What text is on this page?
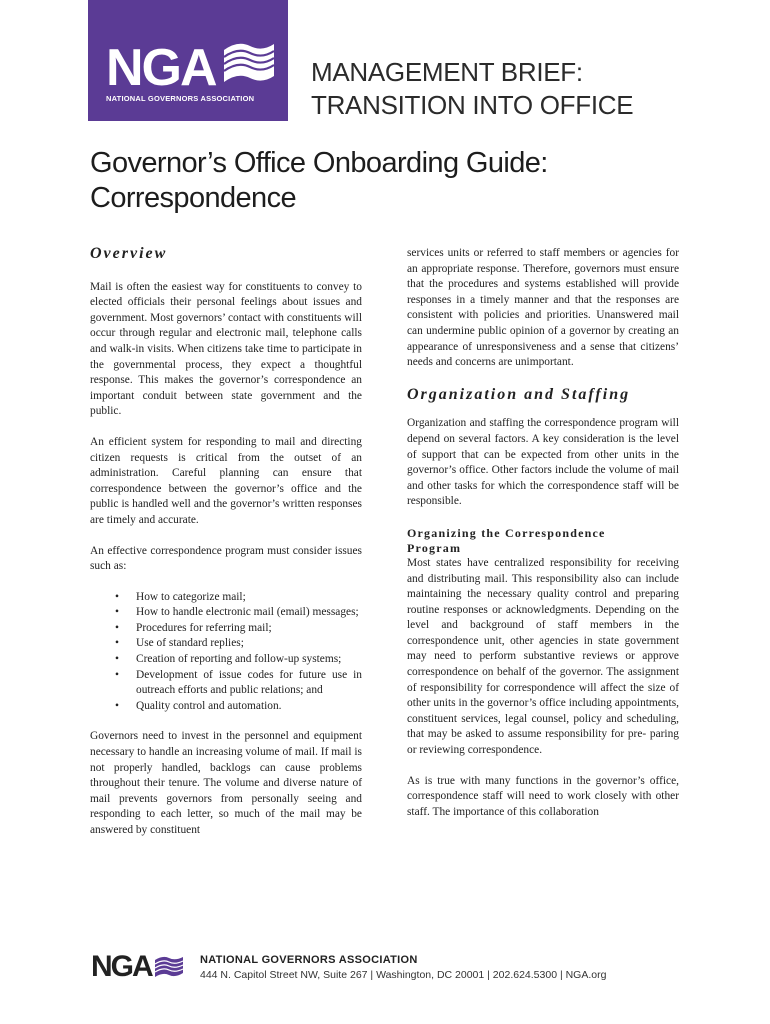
NGA
NATIONAL GOVERNORS ASSOCIATION
MANAGEMENT BRIEF:
TRANSITION INTO OFFICE
Governor’s Office Onboarding Guide:
Correspondence
Overview

Mail is often the easiest way for constituents to convey to elected officials their personal feelings about issues and government. Most governors’ contact with constituents will occur through regular and electronic mail, telephone calls and walk-in visits. When citizens take time to participate in the governmental process, they expect a thoughtful response. This makes the governor’s correspondence an important conduit between state government and the public.

An efficient system for responding to mail and directing citizen requests is critical from the outset of an administration. Careful planning can ensure that correspondence between the governor’s office and the public is handled well and the governor’s written responses are timely and accurate.

An effective correspondence program must consider issues such as:

• How to categorize mail;
• How to handle electronic mail (email) messages;
• Procedures for referring mail;
• Use of standard replies;
• Creation of reporting and follow-up systems;
• Development of issue codes for future use in outreach efforts and public relations; and
• Quality control and automation.

Governors need to invest in the personnel and equipment necessary to handle an increasing volume of mail. If mail is not properly handled, backlogs can cause problems throughout their tenure. The volume and diverse nature of mail prevents governors from personally seeing and responding to each letter, so much of the mail may be answered by constituent

services units or referred to staff members or agencies for an appropriate response. Therefore, governors must ensure that the procedures and systems established will provide responses in a timely manner and that the responses are consistent with policies and priorities. Unanswered mail can undermine public opinion of a governor by creating an appearance of unresponsiveness and a sense that citizens’ needs and concerns are unimportant.

Organization and Staffing

Organization and staffing the correspondence program will depend on several factors. A key consideration is the level of support that can be expected from other units in the governor’s office. Other factors include the volume of mail and other tasks for which the correspondence staff will be responsible.

Organizing the Correspondence Program

Most states have centralized responsibility for receiving and distributing mail. This responsibility also can include maintaining the necessary quality control and preparing routine responses or acknowledgments. Depending on the level and background of staff members in the correspondence unit, other agencies in state government may need to perform substantive reviews or approve correspondence on behalf of the governor. The assignment of responsibility for correspondence will affect the size of other units in the governor’s office including appointments, constituent services, legal counsel, policy and scheduling, that may be asked to assume responsibility for pre- paring or reviewing correspondence.

As is true with many functions in the governor’s office, correspondence staff will need to work closely with other staff. The importance of this collaboration

NGA	NATIONAL GOVERNORS ASSOCIATION
444 N. Capitol Street NW, Suite 267 | Washington, DC 20001 | 202.624.5300 | NGA.org
